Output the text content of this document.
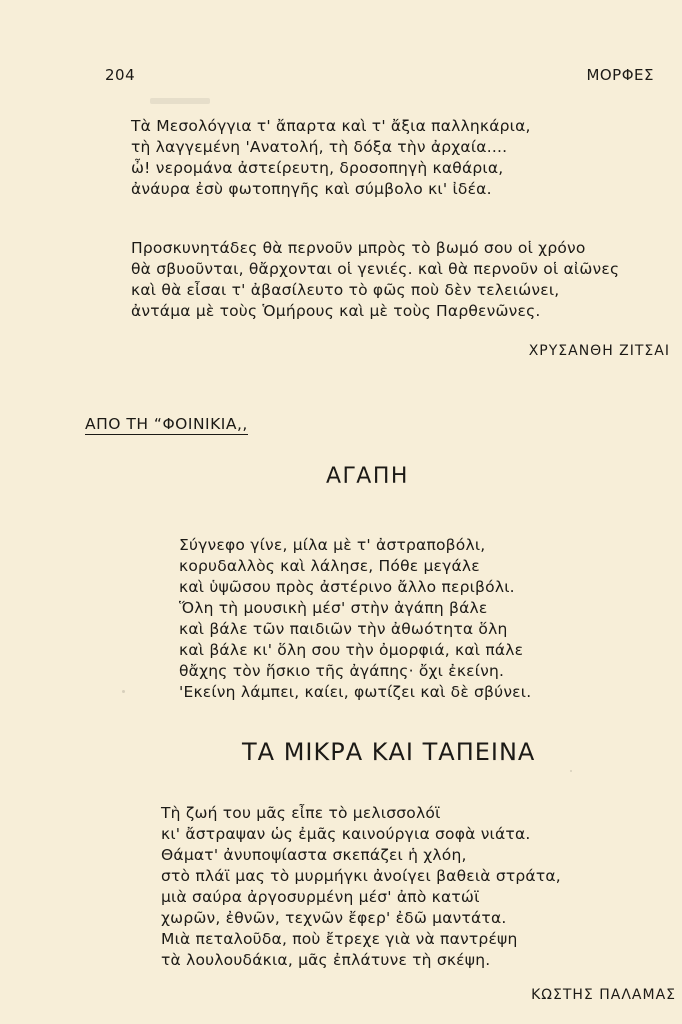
204	ΜΟΡΦΕΣ
Τὰ Μεσολόγγια τ' ἄπαρτα καὶ τ' ἄξια παλληκάρια,
τὴ λαγγεμένη 'Ανατολή, τὴ δόξα τὴν ἀρχαία....
ὦ! νερομάνα ἀστείρευτη, δροσοπηγὴ καθάρια,
ἀνάυρα ἐσὺ φωτοπηγῆς καὶ σύμβολο κι' ἰδέα.
Προσκυνητάδες θὰ περνοῦν μπρὸς τὸ βωμό σου οἱ χρόνο
θὰ σβυοῦνται, θἄρχονται οἱ γενιές. καὶ θὰ περνοῦν οἱ αἰῶνες
καὶ θὰ εἶσαι τ' ἀβασίλευτο τὸ φῶς ποὺ δὲν τελειώνει,
ἀντάμα μὲ τοὺς Ὁμήρους καὶ μὲ τοὺς Παρθενῶνες.
ΧΡΥΣΑΝΘΗ ΖΙΤΣΑΙ
ΑΠΟ ΤΗ “ΦΟΙΝΙΚΙΑ,,
ΑΓΑΠΗ
Σύγνεφο γίνε, μίλα μὲ τ' ἀστραποβόλι,
κορυδαλλὸς καὶ λάλησε, Πόθε μεγάλε
καὶ ὑψῶσου πρὸς ἀστέρινο ἄλλο περιβόλι.
Ὅλη τὴ μουσικὴ μέσ' στὴν ἀγάπη βάλε
καὶ βάλε τῶν παιδιῶν τὴν ἀθωότητα ὅλη
καὶ βάλε κι' ὅλη σου τὴν ὀμορφιά, καὶ πάλε
θἄχης τὸν ἥσκιο τῆς ἀγάπης· ὄχι ἐκείνη.
'Εκείνη λάμπει, καίει, φωτίζει καὶ δὲ σβύνει.
ΤΑ ΜΙΚΡΑ ΚΑΙ ΤΑΠΕΙΝΑ
Τὴ ζωή του μᾶς εἶπε τὸ μελισσολόϊ
κι' ἄστραψαν ὡς ἐμᾶς καινούργια σοφὰ νιάτα.
Θάματ' ἀνυποψίαστα σκεπάζει ἡ χλόη,
στὸ πλάϊ μας τὸ μυρμήγκι ἀνοίγει βαθειὰ στράτα,
μιὰ σαύρα ἀργοσυρμένη μέσ' ἀπὸ κατώϊ
χωρῶν, ἐθνῶν, τεχνῶν ἔφερ' ἐδῶ μαντάτα.
Μιὰ πεταλοῦδα, ποὺ ἔτρεχε γιὰ νὰ παντρέψη
τὰ λουλουδάκια, μᾶς ἐπλάτυνε τὴ σκέψη.
ΚΩΣΤΗΣ ΠΑΛΑΜΑΣ
